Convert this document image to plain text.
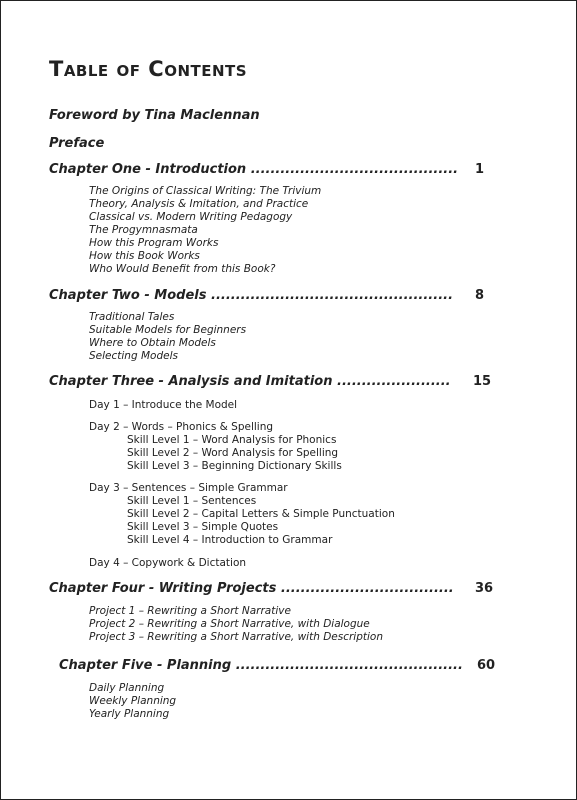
Table of Contents
Foreword by Tina Maclennan
Preface
Chapter One - Introduction .......................................... 1
The Origins of Classical Writing: The Trivium
Theory, Analysis & Imitation, and Practice
Classical vs. Modern Writing Pedagogy
The Progymnasmata
How this Program Works
How this Book Works
Who Would Benefit from this Book?
Chapter Two - Models ................................................. 8
Traditional Tales
Suitable Models for Beginners
Where to Obtain Models
Selecting Models
Chapter Three - Analysis and Imitation ....................... 15
Day 1 – Introduce the Model
Day 2 – Words – Phonics & Spelling
Skill Level 1 – Word Analysis for Phonics
Skill Level 2 – Word Analysis for Spelling
Skill Level 3 – Beginning Dictionary Skills
Day 3 – Sentences – Simple Grammar
Skill Level 1 – Sentences
Skill Level 2 – Capital Letters & Simple Punctuation
Skill Level 3 – Simple Quotes
Skill Level 4 – Introduction to Grammar
Day 4 – Copywork & Dictation
Chapter Four - Writing Projects ................................... 36
Project 1 – Rewriting a Short Narrative
Project 2 – Rewriting a Short Narrative, with Dialogue
Project 3 – Rewriting a Short Narrative, with Description
Chapter Five - Planning .............................................. 60
Daily Planning
Weekly Planning
Yearly Planning
